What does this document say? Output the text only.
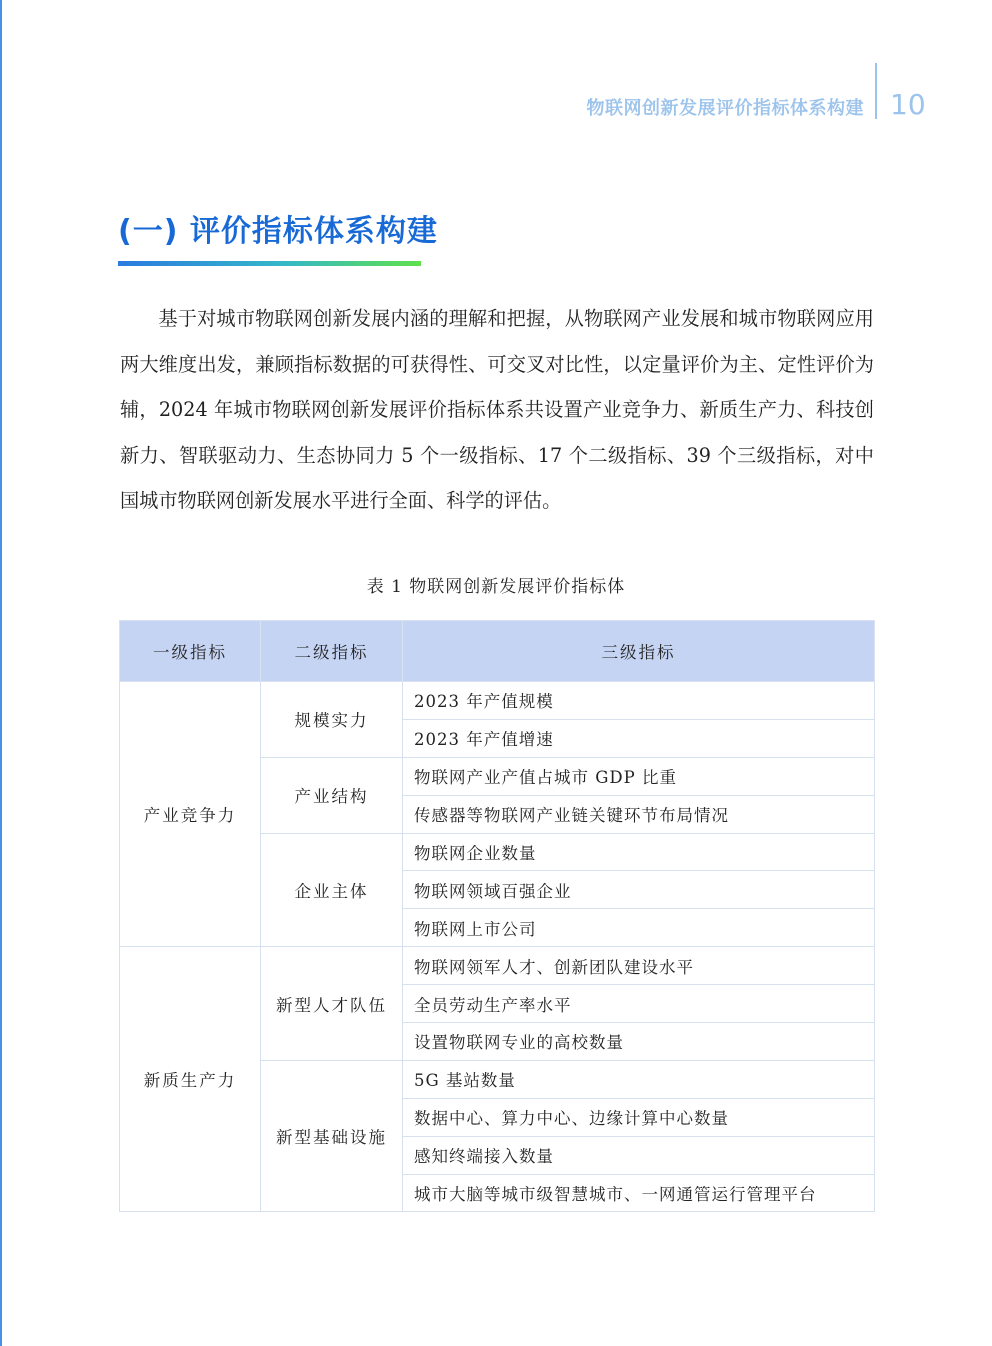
物联网创新发展评价指标体系构建 10
(一) 评价指标体系构建

基于对城市物联网创新发展内涵的理解和把握，从物联网产业发展和城市物联网应用两大维度出发，兼顾指标数据的可获得性、可交叉对比性，以定量评价为主、定性评价为辅，2024 年城市物联网创新发展评价指标体系共设置产业竞争力、新质生产力、科技创新力、智联驱动力、生态协同力 5 个一级指标、17 个二级指标、39 个三级指标，对中国城市物联网创新发展水平进行全面、科学的评估。

表 1 物联网创新发展评价指标体
一级指标	二级指标	三级指标
产业竞争力	规模实力	2023 年产值规模
		2023 年产值增速
	产业结构	物联网产业产值占城市 GDP 比重
		传感器等物联网产业链关键环节布局情况
	企业主体	物联网企业数量
		物联网领域百强企业
		物联网上市公司
新质生产力	新型人才队伍	物联网领军人才、创新团队建设水平
		全员劳动生产率水平
		设置物联网专业的高校数量
	新型基础设施	5G 基站数量
		数据中心、算力中心、边缘计算中心数量
		感知终端接入数量
		城市大脑等城市级智慧城市、一网通管运行管理平台
